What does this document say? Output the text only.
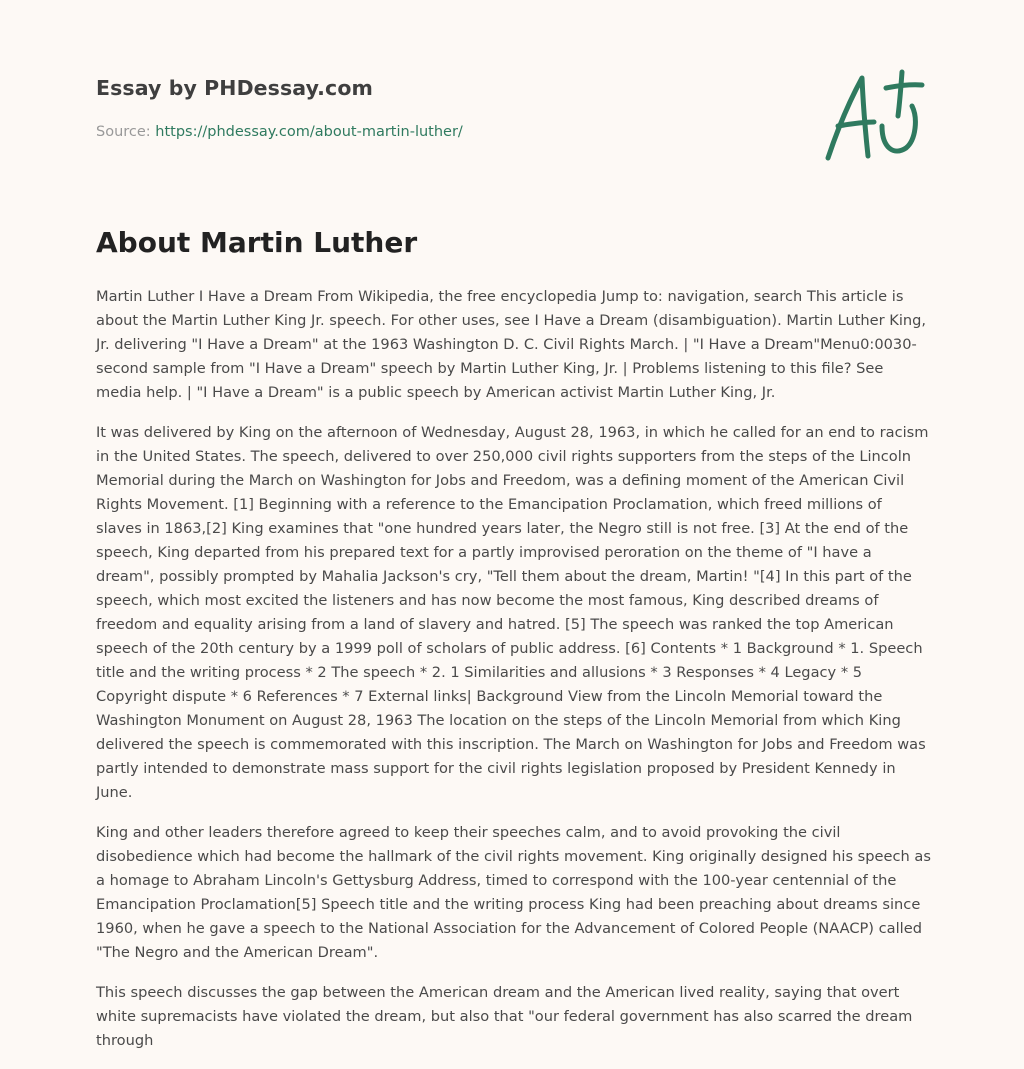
Essay by PHDessay.com
Source: https://phdessay.com/about-martin-luther/
About Martin Luther

Martin Luther I Have a Dream From Wikipedia, the free encyclopedia Jump to: navigation, search This article is about the Martin Luther King Jr. speech. For other uses, see I Have a Dream (disambiguation). Martin Luther King, Jr. delivering "I Have a Dream" at the 1963 Washington D. C. Civil Rights March. | "I Have a Dream"Menu0:0030-second sample from "I Have a Dream" speech by Martin Luther King, Jr. | Problems listening to this file? See media help. | "I Have a Dream" is a public speech by American activist Martin Luther King, Jr.

It was delivered by King on the afternoon of Wednesday, August 28, 1963, in which he called for an end to racism in the United States. The speech, delivered to over 250,000 civil rights supporters from the steps of the Lincoln Memorial during the March on Washington for Jobs and Freedom, was a defining moment of the American Civil Rights Movement. [1] Beginning with a reference to the Emancipation Proclamation, which freed millions of slaves in 1863,[2] King examines that "one hundred years later, the Negro still is not free. [3] At the end of the speech, King departed from his prepared text for a partly improvised peroration on the theme of "I have a dream", possibly prompted by Mahalia Jackson's cry, "Tell them about the dream, Martin! "[4] In this part of the speech, which most excited the listeners and has now become the most famous, King described dreams of freedom and equality arising from a land of slavery and hatred. [5] The speech was ranked the top American speech of the 20th century by a 1999 poll of scholars of public address. [6] Contents * 1 Background * 1. Speech title and the writing process * 2 The speech * 2. 1 Similarities and allusions * 3 Responses * 4 Legacy * 5 Copyright dispute * 6 References * 7 External links| Background View from the Lincoln Memorial toward the Washington Monument on August 28, 1963 The location on the steps of the Lincoln Memorial from which King delivered the speech is commemorated with this inscription. The March on Washington for Jobs and Freedom was partly intended to demonstrate mass support for the civil rights legislation proposed by President Kennedy in June.

King and other leaders therefore agreed to keep their speeches calm, and to avoid provoking the civil disobedience which had become the hallmark of the civil rights movement. King originally designed his speech as a homage to Abraham Lincoln's Gettysburg Address, timed to correspond with the 100-year centennial of the Emancipation Proclamation[5] Speech title and the writing process King had been preaching about dreams since 1960, when he gave a speech to the National Association for the Advancement of Colored People (NAACP) called "The Negro and the American Dream".

This speech discusses the gap between the American dream and the American lived reality, saying that overt white supremacists have violated the dream, but also that "our federal government has also scarred the dream through
